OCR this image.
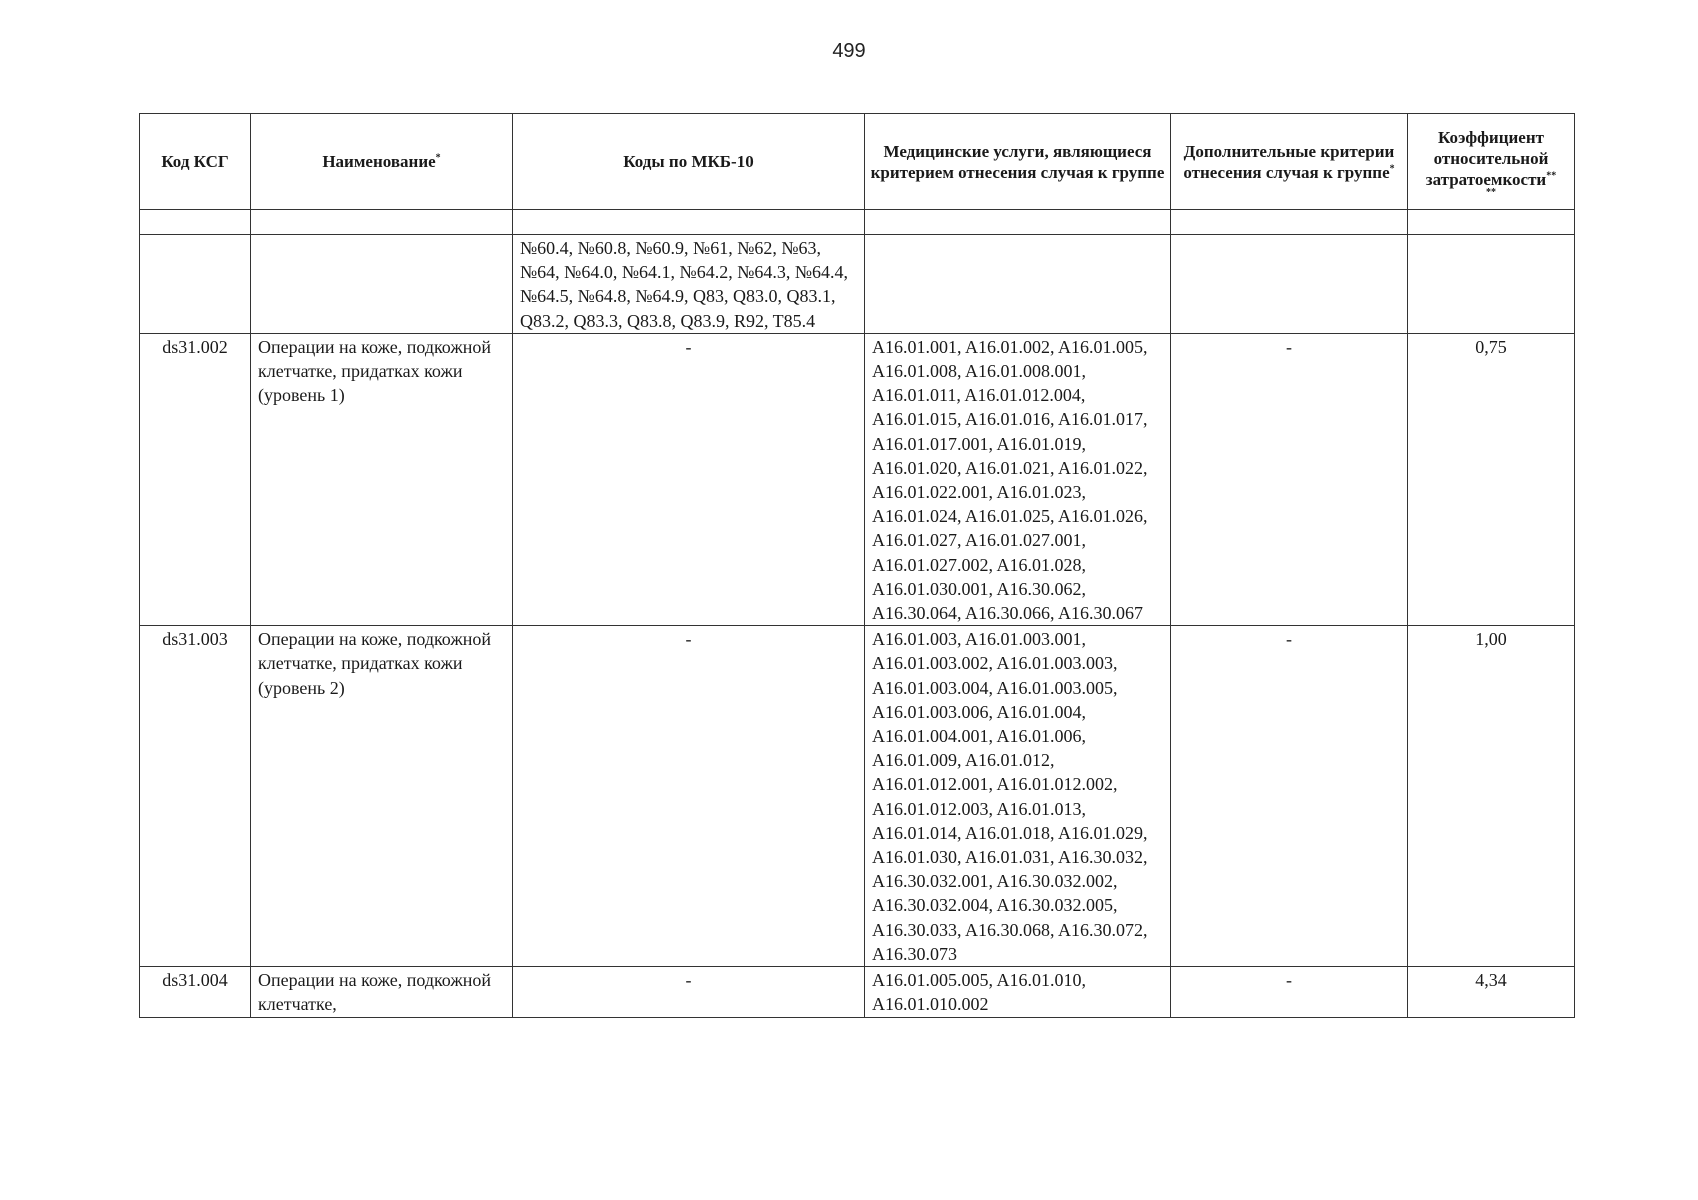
499
Код КСГ	Наименование*	Коды по МКБ-10	Медицинские услуги, являющиеся критерием отнесения случая к группе	Дополнительные критерии отнесения случая к группе*	Коэффициент относительной затратоемкости**
**

		№60.4, №60.8, №60.9, №61, №62, №63, №64, №64.0, №64.1, №64.2, №64.3, №64.4, №64.5, №64.8, №64.9, Q83, Q83.0, Q83.1, Q83.2, Q83.3, Q83.8, Q83.9, R92, T85.4			
ds31.002	Операции на коже, подкожной клетчатке, придатках кожи (уровень 1)	-	A16.01.001, A16.01.002, A16.01.005, A16.01.008, A16.01.008.001, A16.01.011, A16.01.012.004, A16.01.015, A16.01.016, A16.01.017, A16.01.017.001, A16.01.019, A16.01.020, A16.01.021, A16.01.022, A16.01.022.001, A16.01.023, A16.01.024, A16.01.025, A16.01.026, A16.01.027, A16.01.027.001, A16.01.027.002, A16.01.028, A16.01.030.001, A16.30.062, A16.30.064, A16.30.066, A16.30.067	-	0,75
ds31.003	Операции на коже, подкожной клетчатке, придатках кожи (уровень 2)	-	A16.01.003, A16.01.003.001, A16.01.003.002, A16.01.003.003, A16.01.003.004, A16.01.003.005, A16.01.003.006, A16.01.004, A16.01.004.001, A16.01.006, A16.01.009, A16.01.012, A16.01.012.001, A16.01.012.002, A16.01.012.003, A16.01.013, A16.01.014, A16.01.018, A16.01.029, A16.01.030, A16.01.031, A16.30.032, A16.30.032.001, A16.30.032.002, A16.30.032.004, A16.30.032.005, A16.30.033, A16.30.068, A16.30.072, A16.30.073	-	1,00
ds31.004	Операции на коже, подкожной клетчатке,	-	A16.01.005.005, A16.01.010, A16.01.010.002	-	4,34
